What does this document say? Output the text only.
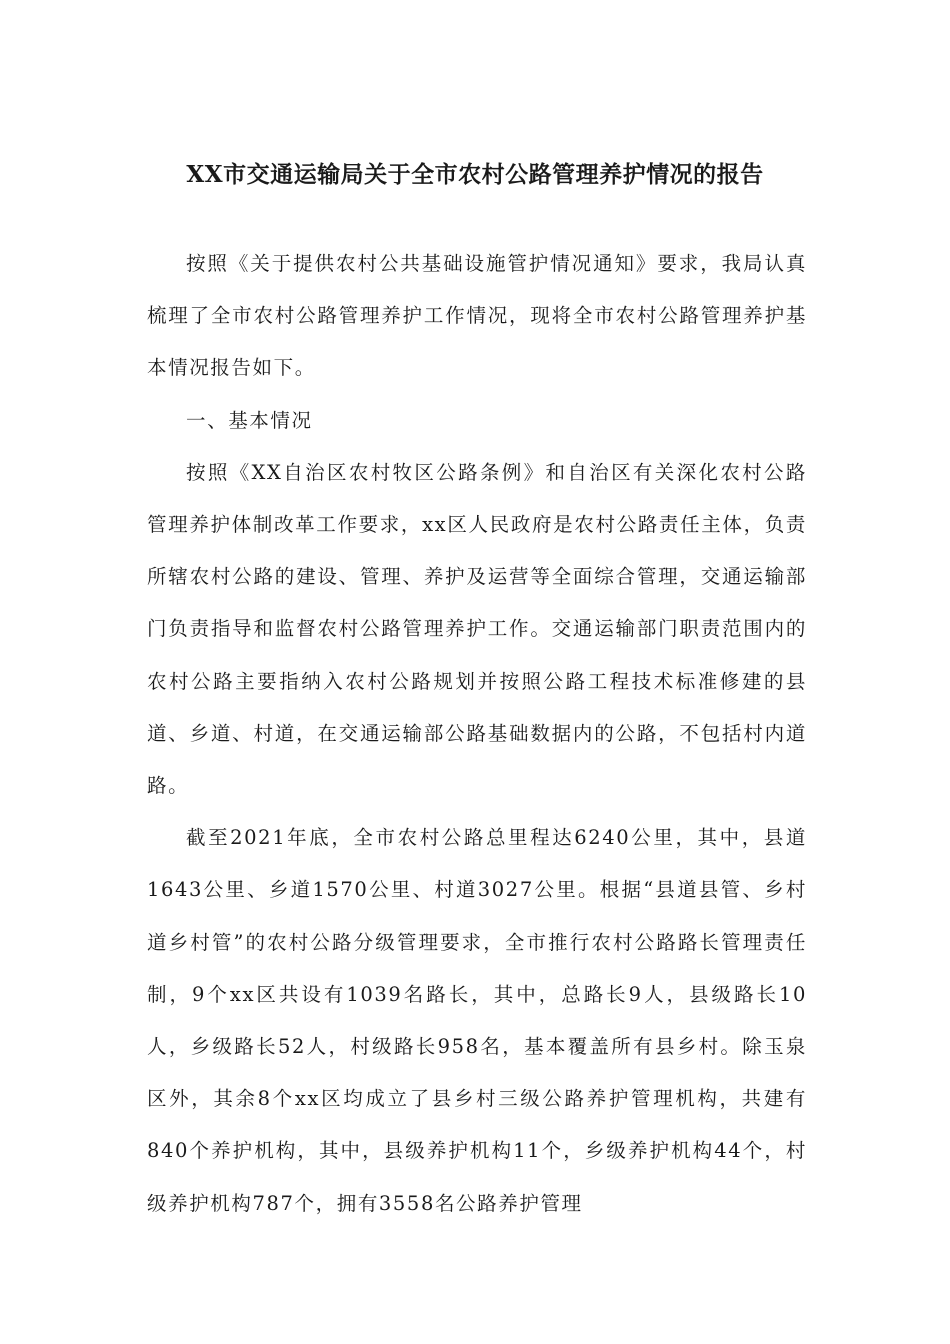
XX市交通运输局关于全市农村公路管理养护情况的报告

按照《关于提供农村公共基础设施管护情况通知》要求，我局认真梳理了全市农村公路管理养护工作情况，现将全市农村公路管理养护基本情况报告如下。

一、基本情况

按照《XX自治区农村牧区公路条例》和自治区有关深化农村公路管理养护体制改革工作要求，xx区人民政府是农村公路责任主体，负责所辖农村公路的建设、管理、养护及运营等全面综合管理，交通运输部门负责指导和监督农村公路管理养护工作。交通运输部门职责范围内的农村公路主要指纳入农村公路规划并按照公路工程技术标准修建的县道、乡道、村道，在交通运输部公路基础数据内的公路，不包括村内道路。

截至2021年底，全市农村公路总里程达6240公里，其中，县道1643公里、乡道1570公里、村道3027公里。根据“县道县管、乡村道乡村管”的农村公路分级管理要求，全市推行农村公路路长管理责任制，9个xx区共设有1039名路长，其中，总路长9人，县级路长10人，乡级路长52人，村级路长958名，基本覆盖所有县乡村。除玉泉区外，其余8个xx区均成立了县乡村三级公路养护管理机构，共建有840个养护机构，其中，县级养护机构11个，乡级养护机构44个，村级养护机构787个，拥有3558名公路养护管理
